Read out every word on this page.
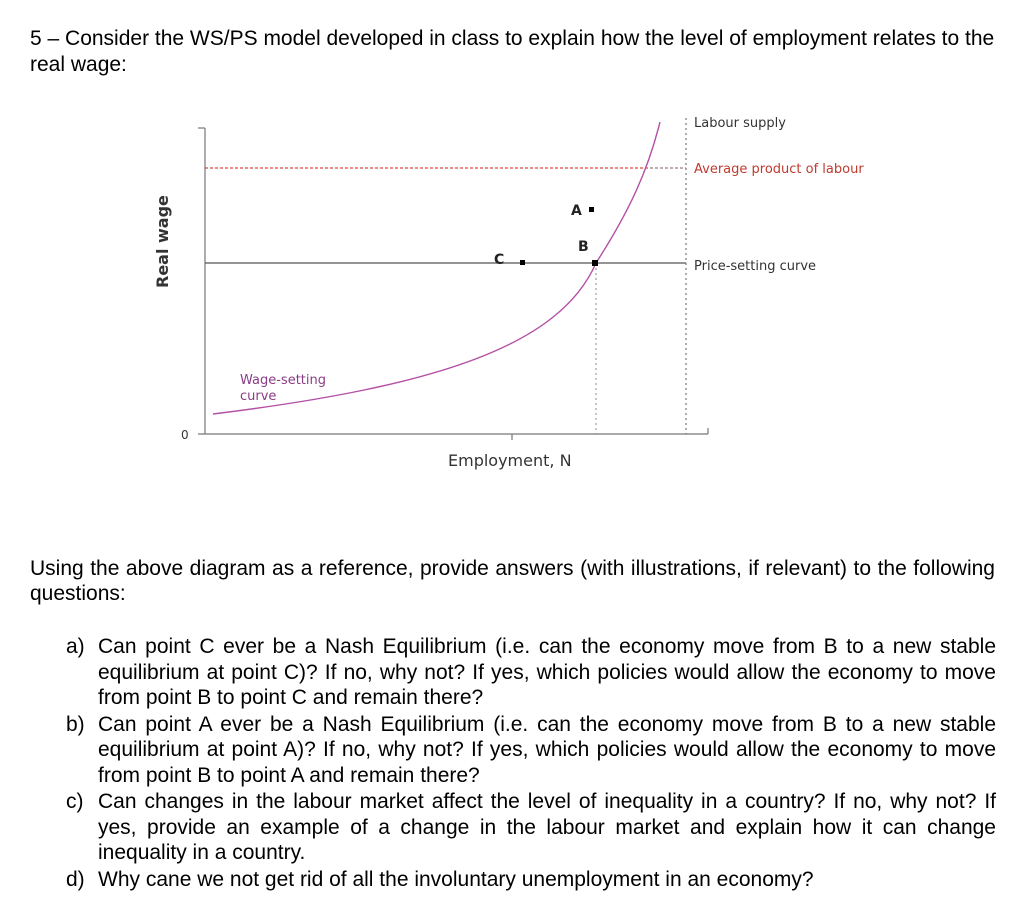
5 – Consider the WS/PS model developed in class to explain how the level of employment relates to the real wage:
A
B
C
Real wage
Employment, N
0
Labour supply
Average product of labour
Price-setting curve
Wage-setting
curve
Using the above diagram as a reference, provide answers (with illustrations, if relevant) to the following questions:
a) Can point C ever be a Nash Equilibrium (i.e. can the economy move from B to a new stable equilibrium at point C)? If no, why not? If yes, which policies would allow the economy to move from point B to point C and remain there?
b) Can point A ever be a Nash Equilibrium (i.e. can the economy move from B to a new stable equilibrium at point A)? If no, why not? If yes, which policies would allow the economy to move from point B to point A and remain there?
c) Can changes in the labour market affect the level of inequality in a country? If no, why not? If yes, provide an example of a change in the labour market and explain how it can change inequality in a country.
d) Why cane we not get rid of all the involuntary unemployment in an economy?
